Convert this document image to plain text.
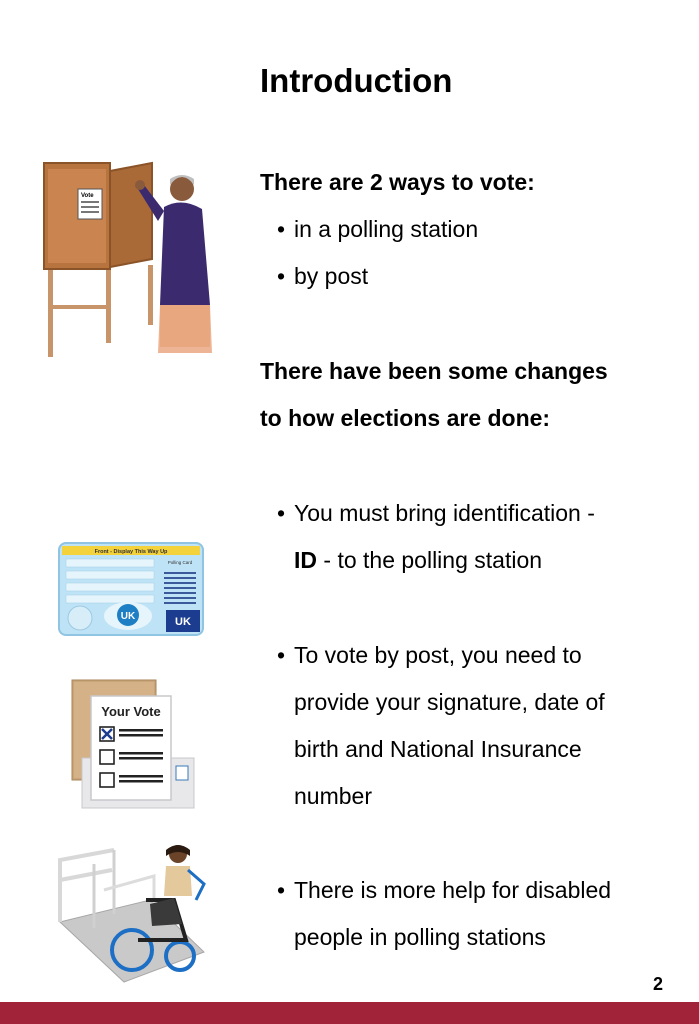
Introduction
There are 2 ways to vote:
• in a polling station
• by post
There have been some changes
to how elections are done:
• You must bring identification -
ID - to the polling station
• To vote by post, you need to
provide your signature, date of
birth and National Insurance
number
• There is more help for disabled
people in polling stations
Vote
Front - Display This Way Up
Polling Card
UK	UK
Your Vote
2
